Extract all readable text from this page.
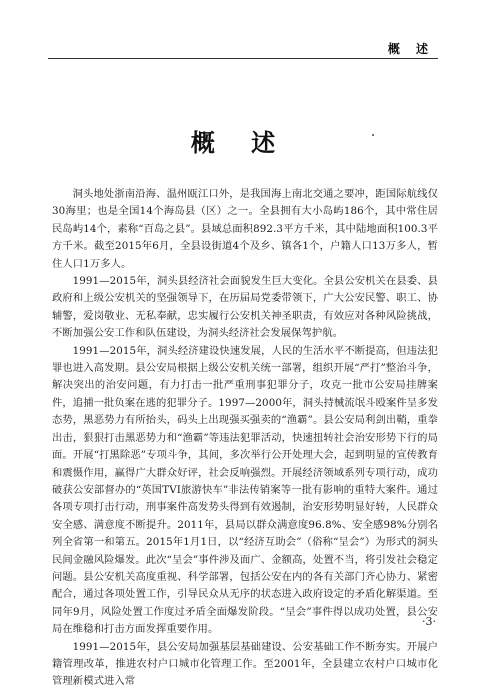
概 述
概 述

洞头地处浙南沿海、温州瓯江口外，是我国海上南北交通之要冲，距国际航线仅30海里；也是全国14个海岛县（区）之一。全县拥有大小岛屿186个，其中常住居民岛屿14个，素称“百岛之县”。县域总面积892.3平方千米，其中陆地面积100.3平方千米。截至2015年6月，全县设街道4个及乡、镇各1个，户籍人口13万多人，暂住人口1万多人。

1991—2015年，洞头县经济社会面貌发生巨大变化。全县公安机关在县委、县政府和上级公安机关的坚强领导下，在历届局党委带领下，广大公安民警、职工、协辅警，爱岗敬业、无私奉献，忠实履行公安机关神圣职责，有效应对各种风险挑战，不断加强公安工作和队伍建设，为洞头经济社会发展保驾护航。

1991—2015年，洞头经济建设快速发展，人民的生活水平不断提高，但违法犯罪也进入高发期。县公安局根据上级公安机关统一部署，组织开展“严打”整治斗争，解决突出的治安问题，有力打击一批严重刑事犯罪分子，攻克一批市公安局挂牌案件，追捕一批负案在逃的犯罪分子。1997—2000年，洞头持械流氓斗殴案件呈多发态势，黑恶势力有所抬头，码头上出现强买强卖的“渔霸”。县公安局利剑出鞘，重拳出击，狠狠打击黑恶势力和“渔霸”等违法犯罪活动，快速扭转社会治安形势下行的局面。开展“打黑除恶”专项斗争，其间，多次举行公开处理大会，起到明显的宣传教育和震慑作用，赢得广大群众好评，社会反响强烈。开展经济领域系列专项行动，成功破获公安部督办的“英国TVI旅游快车”非法传销案等一批有影响的重特大案件。通过各项专项打击行动，刑事案件高发势头得到有效遏制，治安形势明显好转，人民群众安全感、满意度不断提升。2011年，县局以群众满意度96.8%、安全感98%分别名列全省第一和第五。2015年1月1日，以“经济互助会”（俗称“呈会”）为形式的洞头民间金融风险爆发。此次“呈会”事件涉及面广、金额高，处置不当，将引发社会稳定问题。县公安机关高度重视、科学部署，包括公安在内的各有关部门齐心协力、紧密配合，通过各项处置工作，引导民众从无序的状态进入政府设定的矛盾化解渠道。至同年9月，风险处置工作度过矛盾全面爆发阶段。“呈会”事件得以成功处置，县公安局在维稳和打击方面发挥重要作用。

1991—2015年，县公安局加强基层基础建设、公安基础工作不断夯实。开展户籍管理改革，推进农村户口城市化管理工作。至2001年，全县建立农村户口城市化管理新模式进入常

·3·
